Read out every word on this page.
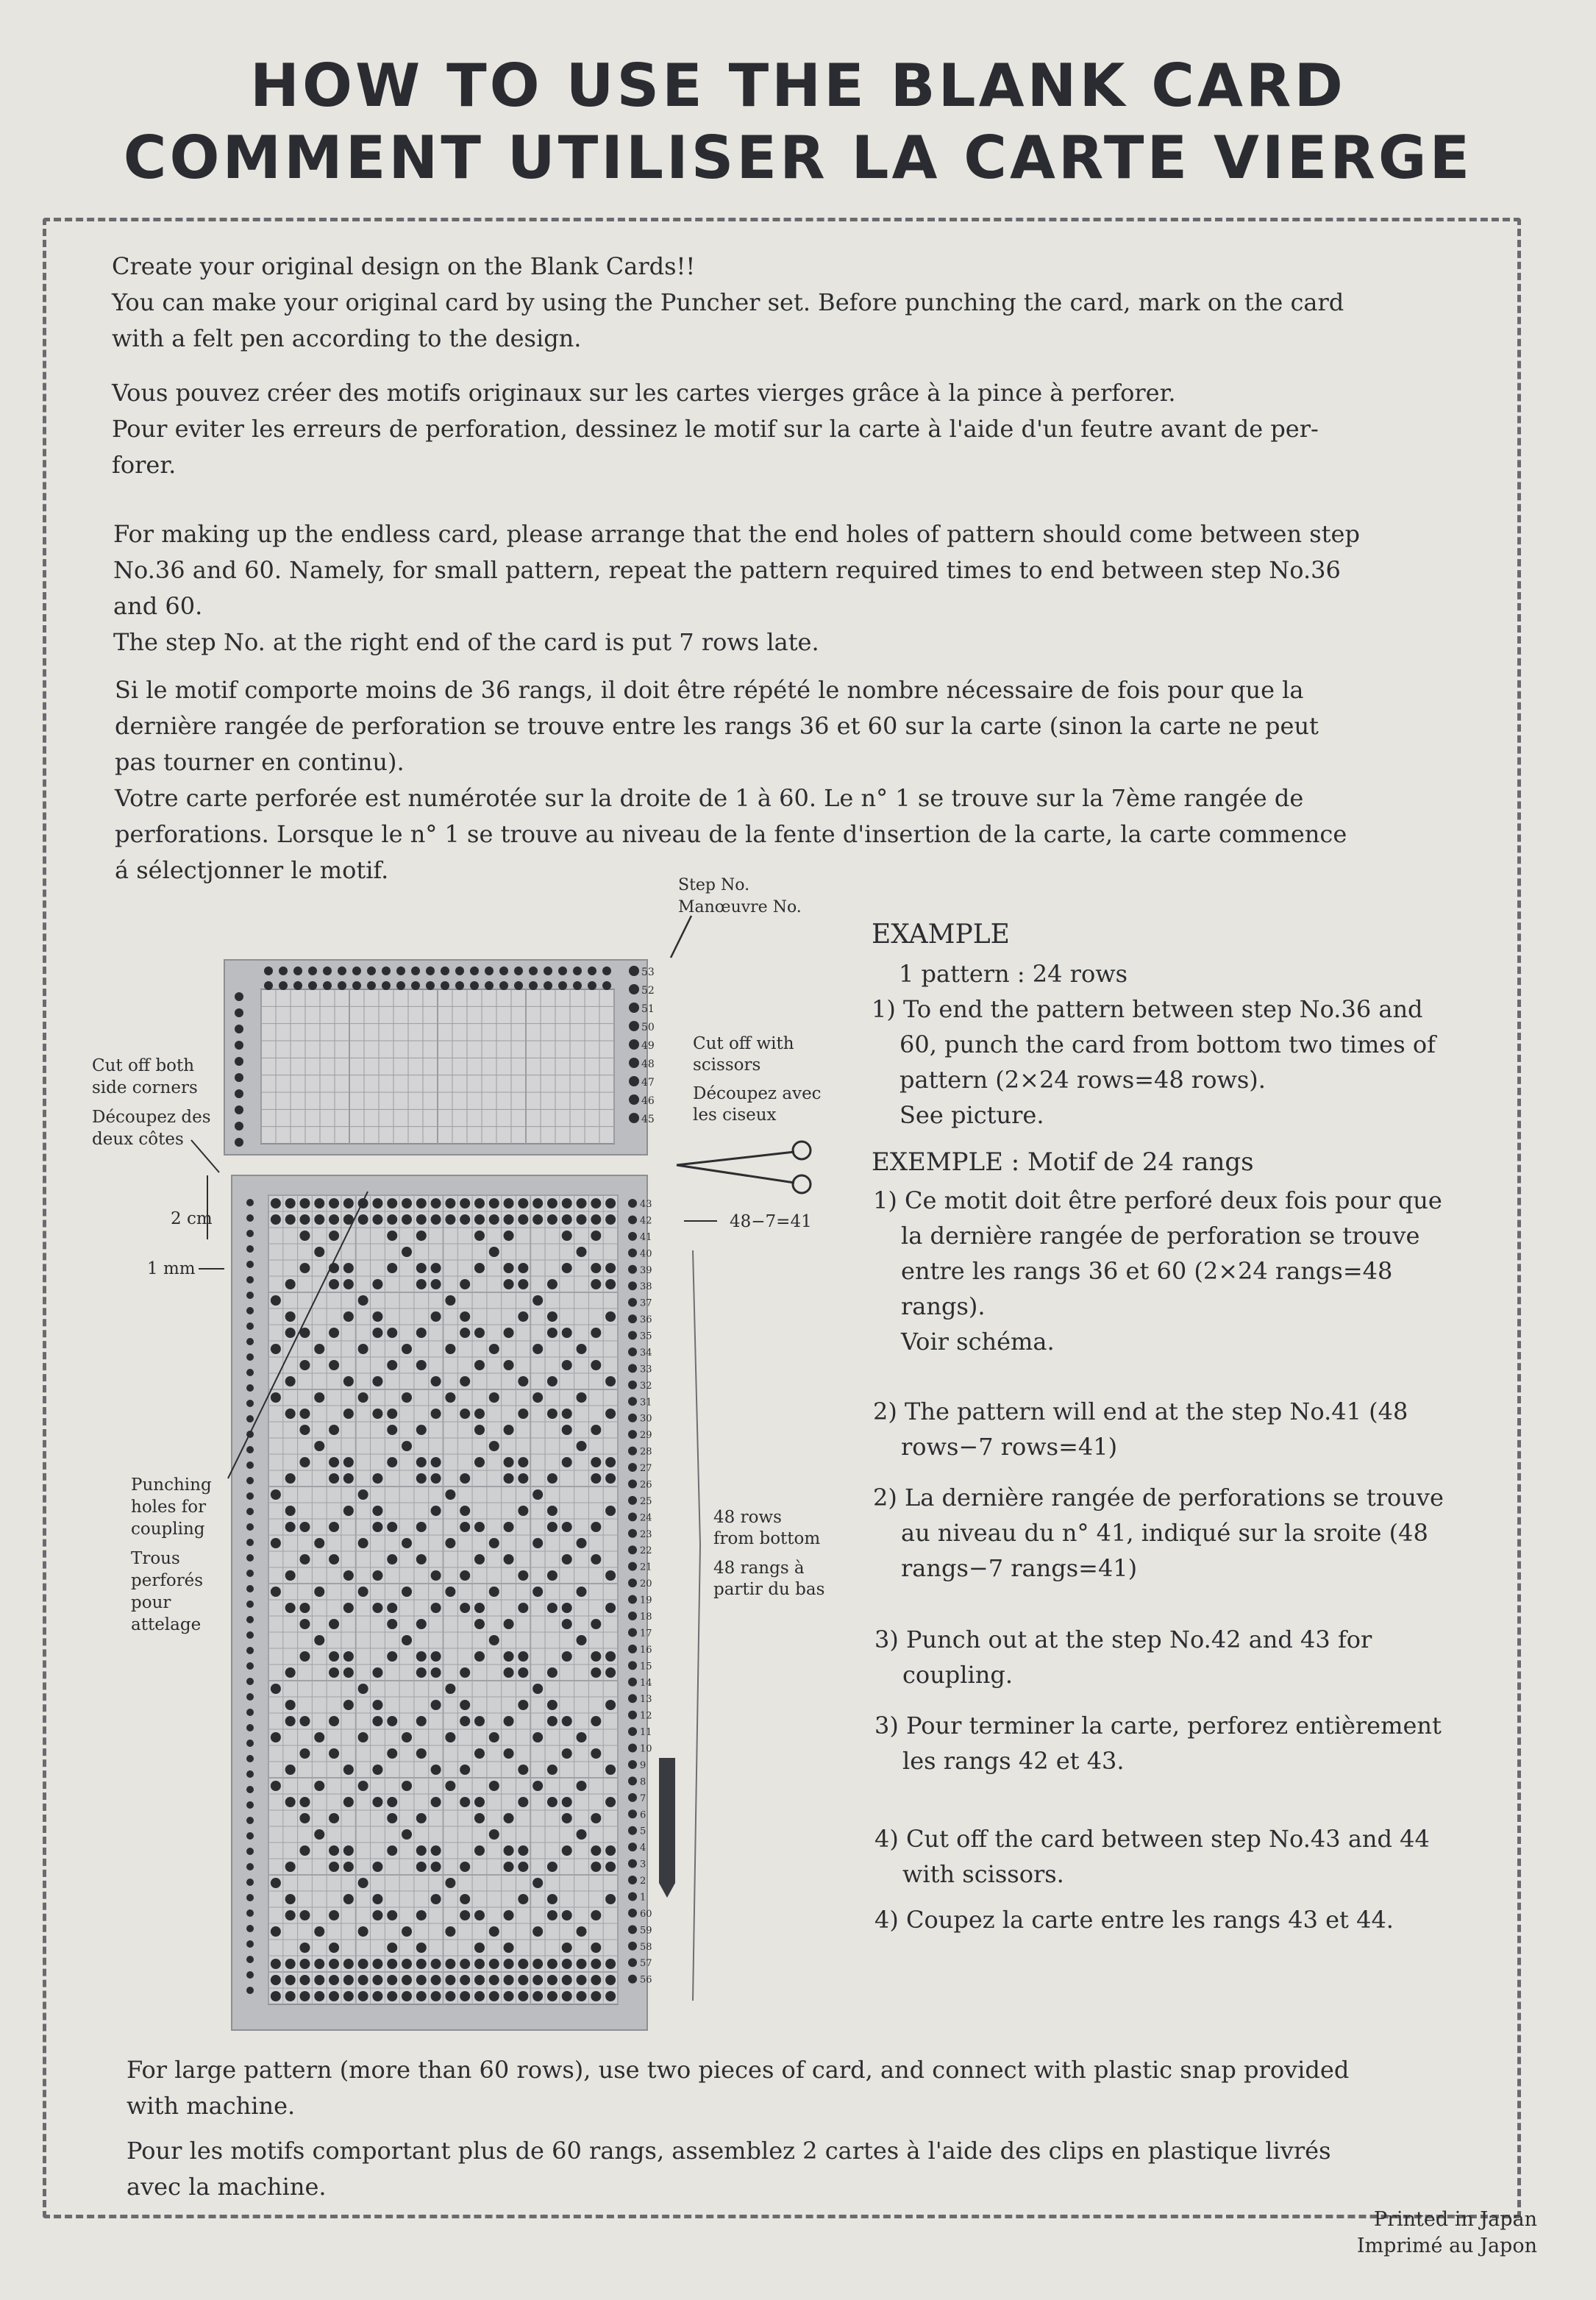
HOW TO USE THE BLANK CARD
COMMENT UTILISER LA CARTE VIERGE
Create your original design on the Blank Cards!!
You can make your original card by using the Puncher set. Before punching the card, mark on the card
with a felt pen according to the design.
Vous pouvez créer des motifs originaux sur les cartes vierges grâce à la pince à perforer.
Pour eviter les erreurs de perforation, dessinez le motif sur la carte à l'aide d'un feutre avant de per-
forer.
For making up the endless card, please arrange that the end holes of pattern should come between step
No.36 and 60. Namely, for small pattern, repeat the pattern required times to end between step No.36
and 60.
The step No. at the right end of the card is put 7 rows late.
Si le motif comporte moins de 36 rangs, il doit être répété le nombre nécessaire de fois pour que la
dernière rangée de perforation se trouve entre les rangs 36 et 60 sur la carte (sinon la carte ne peut
pas tourner en continu).
Votre carte perforée est numérotée sur la droite de 1 à 60. Le n° 1 se trouve sur la 7ème rangée de
perforations. Lorsque le n° 1 se trouve au niveau de la fente d'insertion de la carte, la carte commence
á sélectjonner le motif.
53
52
51
50
49
48
47
46
45
43
42
41
40
39
38
37
36
35
34
33
32
31
30
29
28
27
26
25
24
23
22
21
20
19
18
17
16
15
14
13
12
11
10
9
8
7
6
5
4
3
2
1
60
59
58
57
56
Step No.
Manœuvre No.
Cut off both
side corners
Découpez des
deux côtes
Cut off with
scissors
Découpez avec
les ciseux
2 cm
1 mm
48−7=41
Punching
holes for
coupling
Trous
perforés
pour
attelage
48 rows
from bottom
48 rangs à
partir du bas

EXAMPLE

1 pattern : 24 rows

1) To end the pattern between step No.36 and
60, punch the card from bottom two times of
pattern (2×24 rows=48 rows).
See picture.

EXEMPLE : Motif de 24 rangs

1) Ce motit doit être perforé deux fois pour que
la dernière rangée de perforation se trouve
entre les rangs 36 et 60 (2×24 rangs=48
rangs).
Voir schéma.
2) The pattern will end at the step No.41 (48
rows−7 rows=41)
2) La dernière rangée de perforations se trouve
au niveau du n° 41, indiqué sur la sroite (48
rangs−7 rangs=41)
3) Punch out at the step No.42 and 43 for
coupling.
3) Pour terminer la carte, perforez entièrement
les rangs 42 et 43.
4) Cut off the card between step No.43 and 44
with scissors.
4) Coupez la carte entre les rangs 43 et 44.
For large pattern (more than 60 rows), use two pieces of card, and connect with plastic snap provided
with machine.
Pour les motifs comportant plus de 60 rangs, assemblez 2 cartes à l'aide des clips en plastique livrés
avec la machine.
Printed in Japan
Imprimé au Japon
